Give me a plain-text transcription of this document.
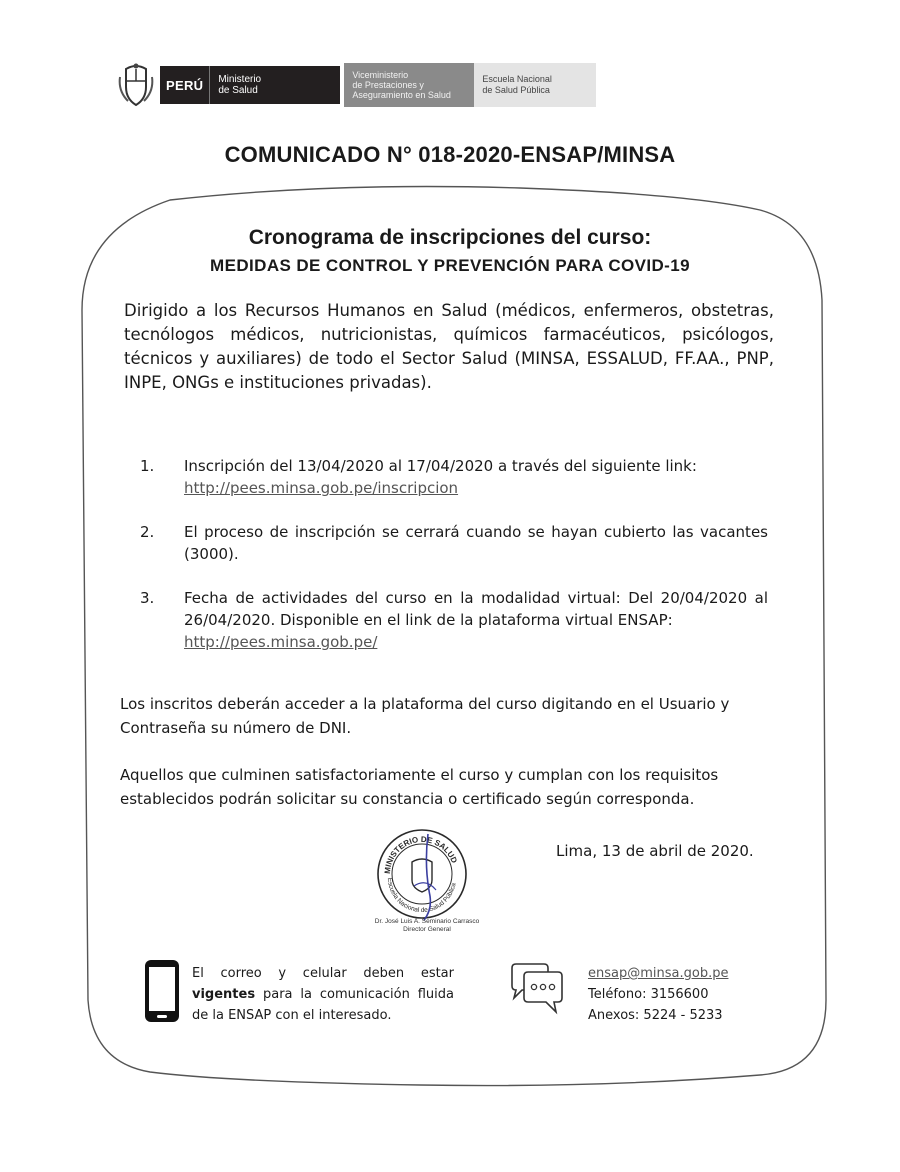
PERÚ	Ministerio
de Salud
Viceministerio
de Prestaciones y
Aseguramiento en Salud
Escuela Nacional
de Salud Pública
COMUNICADO N° 018-2020-ENSAP/MINSA
Cronograma de inscripciones del curso:
MEDIDAS DE CONTROL Y PREVENCIÓN PARA COVID-19
Dirigido a los Recursos Humanos en Salud (médicos, enfermeros, obstetras, tecnólogos médicos, nutricionistas, químicos farmacéuticos, psicólogos, técnicos y auxiliares) de todo el Sector Salud (MINSA, ESSALUD, FF.AA., PNP, INPE, ONGs e instituciones privadas).
1.	Inscripción del 13/04/2020 al 17/04/2020 a través del siguiente link:
http://pees.minsa.gob.pe/inscripcion
2.	El proceso de inscripción se cerrará cuando se hayan cubierto las vacantes (3000).
3.	Fecha de actividades del curso en la modalidad virtual: Del 20/04/2020 al 26/04/2020. Disponible en el link de la plataforma virtual ENSAP:
http://pees.minsa.gob.pe/
Los inscritos deberán acceder a la plataforma del curso digitando en el Usuario y Contraseña su número de DNI.
Aquellos que culminen satisfactoriamente el curso y cumplan con los requisitos establecidos podrán solicitar su constancia o certificado según corresponda.
Lima, 13 de abril de 2020.
MINISTERIO DE SALUD
Escuela Nacional de Salud Pública
Dr. José Luis A. Seminario Carrasco
Director General
El correo y celular deben estar vigentes para la comunicación fluida de la ENSAP con el interesado.
ensap@minsa.gob.pe
Teléfono: 3156600
Anexos: 5224 - 5233
